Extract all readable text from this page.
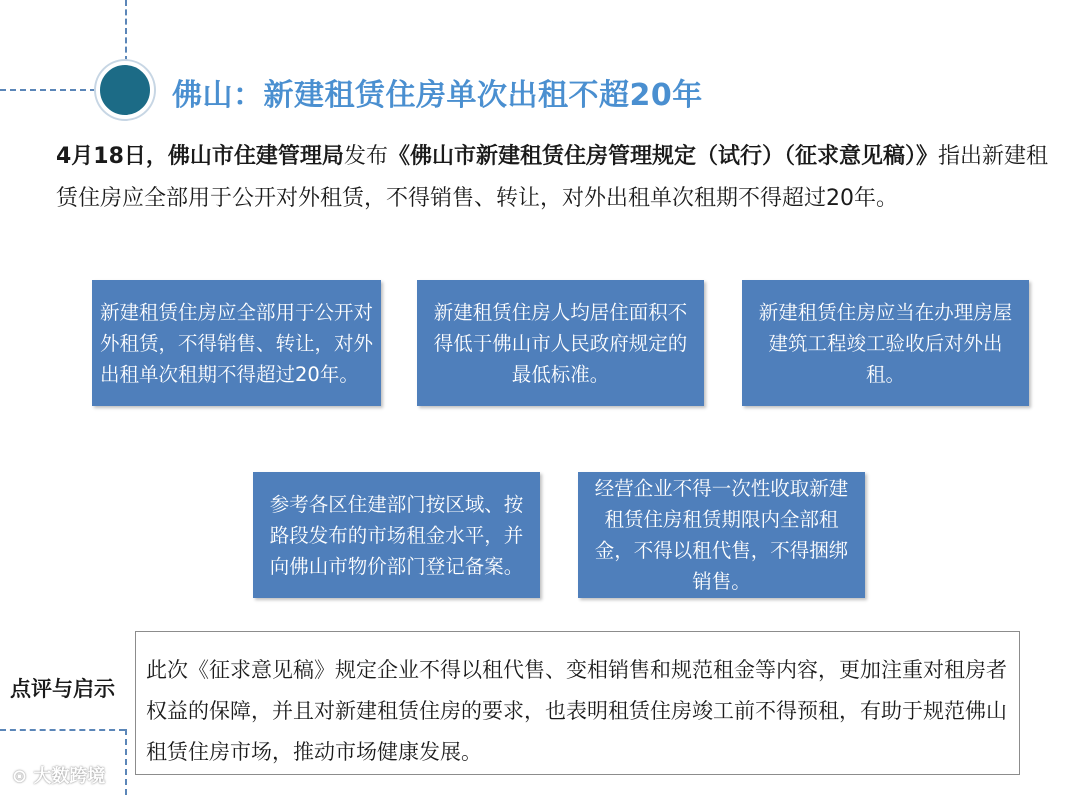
佛山：新建租赁住房单次出租不超20年
4月18日，佛山市住建管理局发布《佛山市新建租赁住房管理规定（试行）（征求意见稿）》指出新建租赁住房应全部用于公开对外租赁，不得销售、转让，对外出租单次租期不得超过20年。
新建租赁住房应全部用于公开对外租赁，不得销售、转让，对外出租单次租期不得超过20年。
新建租赁住房人均居住面积不得低于佛山市人民政府规定的最低标准。
新建租赁住房应当在办理房屋建筑工程竣工验收后对外出租。
参考各区住建部门按区域、按路段发布的市场租金水平，并向佛山市物价部门登记备案。
经营企业不得一次性收取新建租赁住房租赁期限内全部租金，不得以租代售，不得捆绑销售。
点评与启示
此次《征求意见稿》规定企业不得以租代售、变相销售和规范租金等内容，更加注重对租房者权益的保障，并且对新建租赁住房的要求，也表明租赁住房竣工前不得预租，有助于规范佛山租赁住房市场，推动市场健康发展。
⊙ 大数跨境
